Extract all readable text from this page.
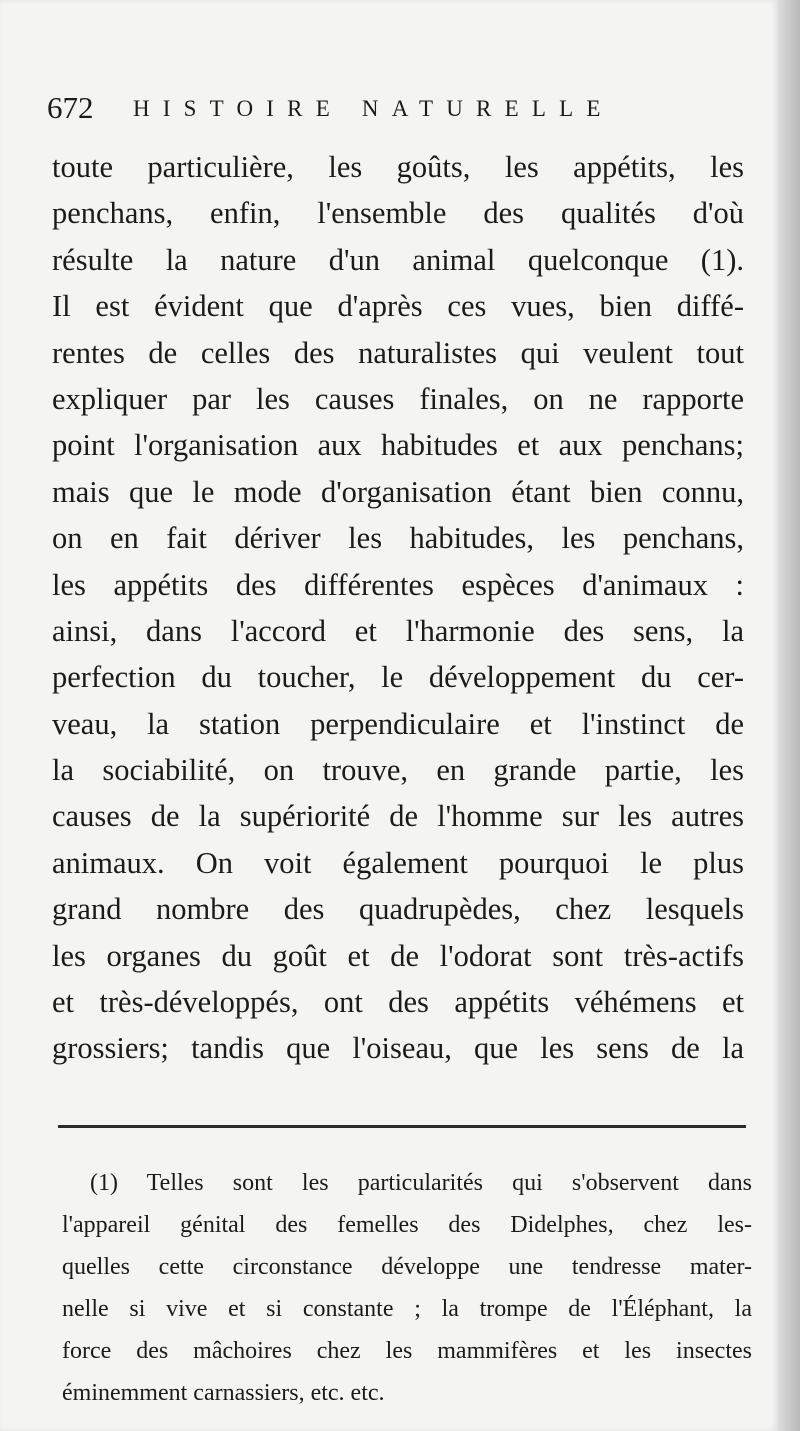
672 HISTOIRE NATURELLE
toute particulière, les goûts, les appétits, les
penchans, enfin, l'ensemble des qualités d'où
résulte la nature d'un animal quelconque (1).
Il est évident que d'après ces vues, bien diffé-
rentes de celles des naturalistes qui veulent tout
expliquer par les causes finales, on ne rapporte
point l'organisation aux habitudes et aux penchans;
mais que le mode d'organisation étant bien connu,
on en fait dériver les habitudes, les penchans,
les appétits des différentes espèces d'animaux :
ainsi, dans l'accord et l'harmonie des sens, la
perfection du toucher, le développement du cer-
veau, la station perpendiculaire et l'instinct de
la sociabilité, on trouve, en grande partie, les
causes de la supériorité de l'homme sur les autres
animaux. On voit également pourquoi le plus
grand nombre des quadrupèdes, chez lesquels
les organes du goût et de l'odorat sont très-actifs
et très-développés, ont des appétits véhémens et
grossiers; tandis que l'oiseau, que les sens de la
(1) Telles sont les particularités qui s'observent dans
l'appareil génital des femelles des Didelphes, chez les-
quelles cette circonstance développe une tendresse mater-
nelle si vive et si constante ; la trompe de l'Éléphant, la
force des mâchoires chez les mammifères et les insectes
éminemment carnassiers, etc. etc.
